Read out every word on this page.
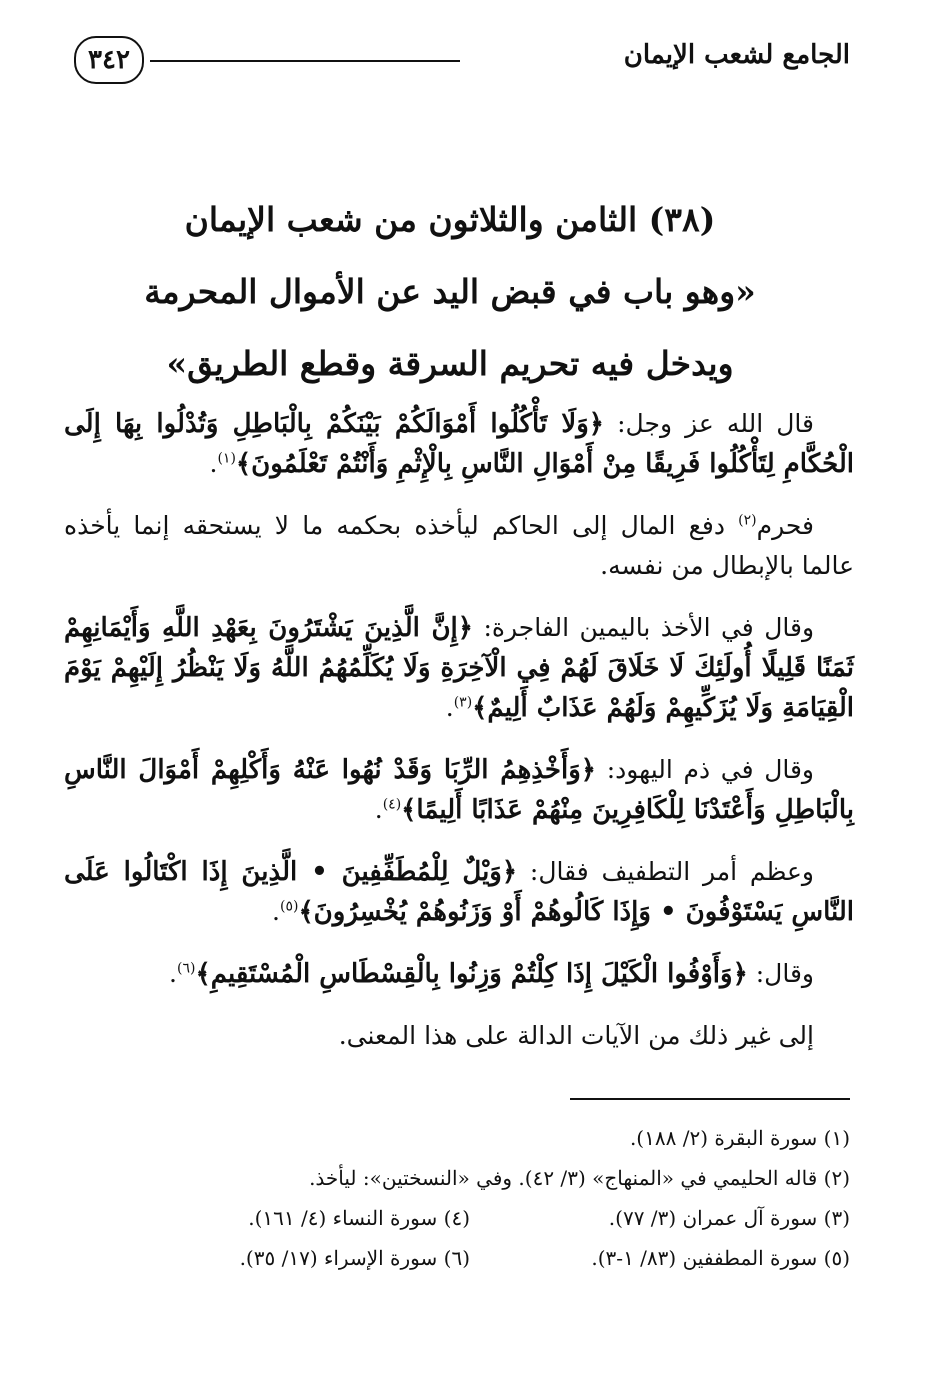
٣٤٢	الجامع لشعب الإيمان
(٣٨) الثامن والثلاثون من شعب الإيمان
«وهو باب في قبض اليد عن الأموال المحرمة
ويدخل فيه تحريم السرقة وقطع الطريق»

قال الله عز وجل: ﴿وَلَا تَأْكُلُوا أَمْوَالَكُمْ بَيْنَكُمْ بِالْبَاطِلِ وَتُدْلُوا بِهَا إِلَى الْحُكَّامِ لِتَأْكُلُوا فَرِيقًا مِنْ أَمْوَالِ النَّاسِ بِالْإِثْمِ وَأَنْتُمْ تَعْلَمُونَ﴾$^{(١)}$.

فحرم$^{(٢)}$ دفع المال إلى الحاكم ليأخذه بحكمه ما لا يستحقه إنما يأخذه عالما بالإبطال من نفسه.

وقال في الأخذ باليمين الفاجرة: ﴿إِنَّ الَّذِينَ يَشْتَرُونَ بِعَهْدِ اللَّهِ وَأَيْمَانِهِمْ ثَمَنًا قَلِيلًا أُولَئِكَ لَا خَلَاقَ لَهُمْ فِي الْآخِرَةِ وَلَا يُكَلِّمُهُمُ اللَّهُ وَلَا يَنْظُرُ إِلَيْهِمْ يَوْمَ الْقِيَامَةِ وَلَا يُزَكِّيهِمْ وَلَهُمْ عَذَابٌ أَلِيمٌ﴾$^{(٣)}$.

وقال في ذم اليهود: ﴿وَأَخْذِهِمُ الرِّبَا وَقَدْ نُهُوا عَنْهُ وَأَكْلِهِمْ أَمْوَالَ النَّاسِ بِالْبَاطِلِ وَأَعْتَدْنَا لِلْكَافِرِينَ مِنْهُمْ عَذَابًا أَلِيمًا﴾$^{(٤)}$.

وعظم أمر التطفيف فقال: ﴿وَيْلٌ لِلْمُطَفِّفِينَ • الَّذِينَ إِذَا اكْتَالُوا عَلَى النَّاسِ يَسْتَوْفُونَ • وَإِذَا كَالُوهُمْ أَوْ وَزَنُوهُمْ يُخْسِرُونَ﴾$^{(٥)}$.

وقال: ﴿وَأَوْفُوا الْكَيْلَ إِذَا كِلْتُمْ وَزِنُوا بِالْقِسْطَاسِ الْمُسْتَقِيمِ﴾$^{(٦)}$.

إلى غير ذلك من الآيات الدالة على هذا المعنى.

(١) سورة البقرة (٢/ ١٨٨).
(٢) قاله الحليمي في «المنهاج» (٣/ ٤٢). وفي «النسختين»: ليأخذ.
(٣) سورة آل عمران (٣/ ٧٧).
(٤) سورة النساء (٤/ ١٦١).
(٥) سورة المطففين (٨٣/ ١-٣).
(٦) سورة الإسراء (١٧/ ٣٥).
